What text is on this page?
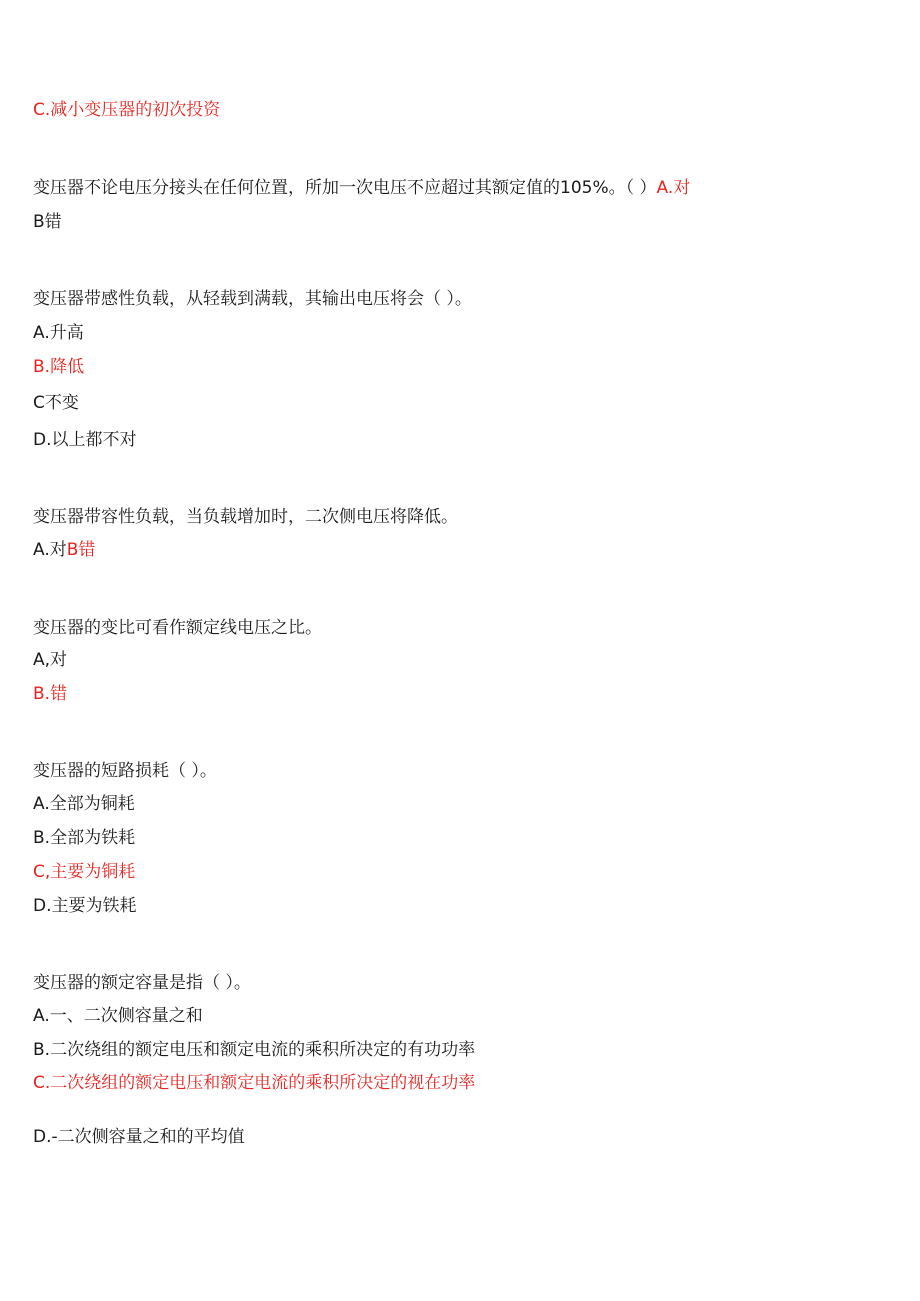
C.减小变压器的初次投资
变压器不论电压分接头在任何位置，所加一次电压不应超过其额定值的105%。（ ）A.对
B错
变压器带感性负载，从轻载到满载，其输出电压将会（ ）。
A.升高
B.降低
C不变
D.以上都不对
变压器带容性负载，当负载增加时，二次侧电压将降低。
A.对B错
变压器的变比可看作额定线电压之比。
A,对
B.错
变压器的短路损耗（ ）。
A.全部为铜耗
B.全部为铁耗
C,主要为铜耗
D.主要为铁耗
变压器的额定容量是指（ ）。
A.一、二次侧容量之和
B.二次绕组的额定电压和额定电流的乘积所决定的有功功率
C.二次绕组的额定电压和额定电流的乘积所决定的视在功率
D.-二次侧容量之和的平均值
